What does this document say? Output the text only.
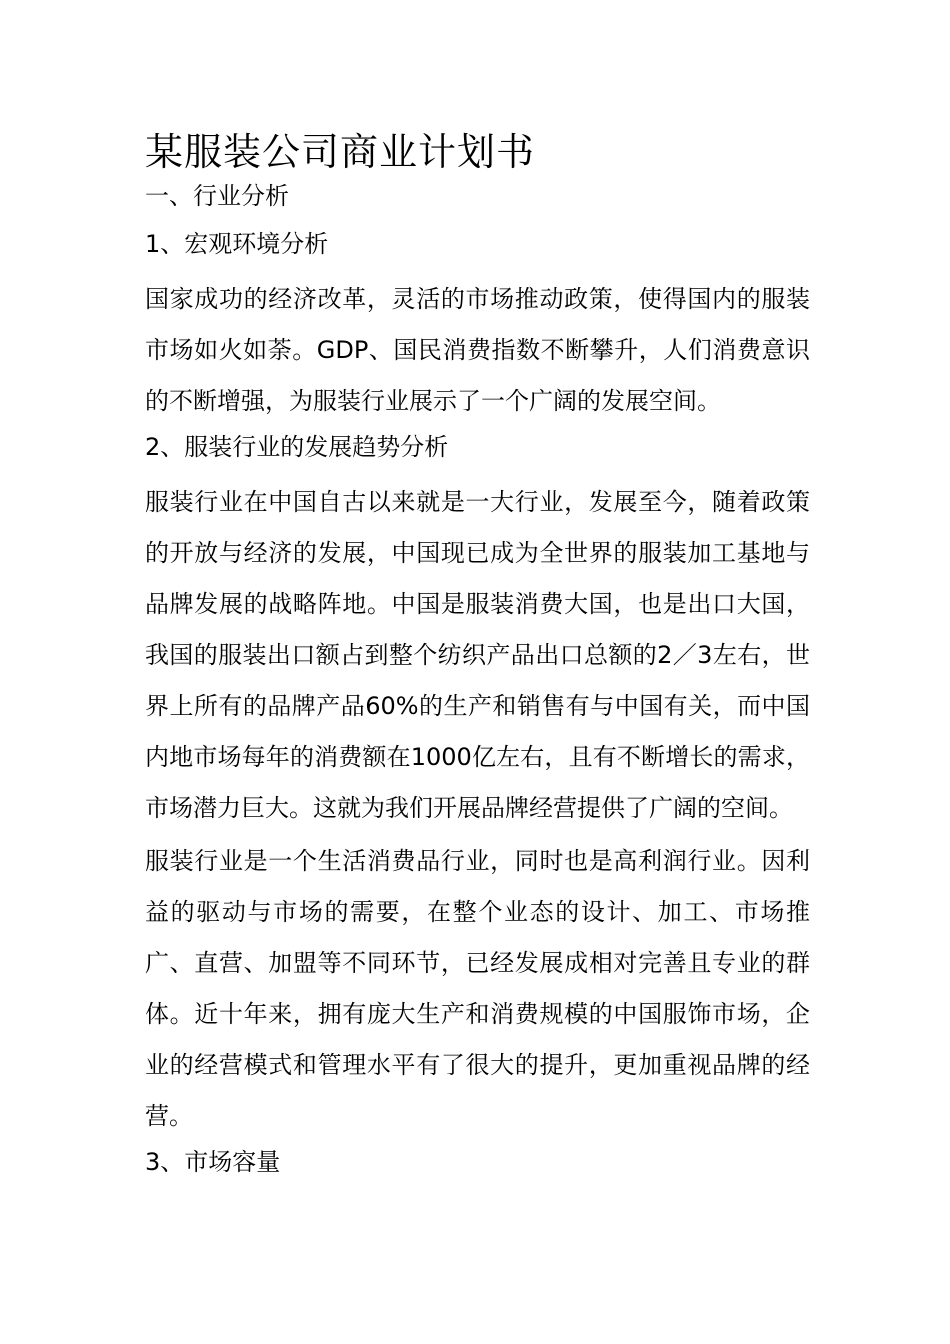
某服装公司商业计划书
一、行业分析
1、宏观环境分析

国家成功的经济改革，灵活的市场推动政策，使得国内的服装市场如火如荼。GDP、国民消费指数不断攀升，人们消费意识的不断增强，为服装行业展示了一个广阔的发展空间。

2、服装行业的发展趋势分析

服装行业在中国自古以来就是一大行业，发展至今，随着政策的开放与经济的发展，中国现已成为全世界的服装加工基地与品牌发展的战略阵地。中国是服装消费大国，也是出口大国，我国的服装出口额占到整个纺织产品出口总额的2／3左右，世界上所有的品牌产品60%的生产和销售有与中国有关，而中国内地市场每年的消费额在1000亿左右，且有不断增长的需求，市场潜力巨大。这就为我们开展品牌经营提供了广阔的空间。

服装行业是一个生活消费品行业，同时也是高利润行业。因利益的驱动与市场的需要，在整个业态的设计、加工、市场推广、直营、加盟等不同环节，已经发展成相对完善且专业的群体。近十年来，拥有庞大生产和消费规模的中国服饰市场，企业的经营模式和管理水平有了很大的提升，更加重视品牌的经营。

3、市场容量
